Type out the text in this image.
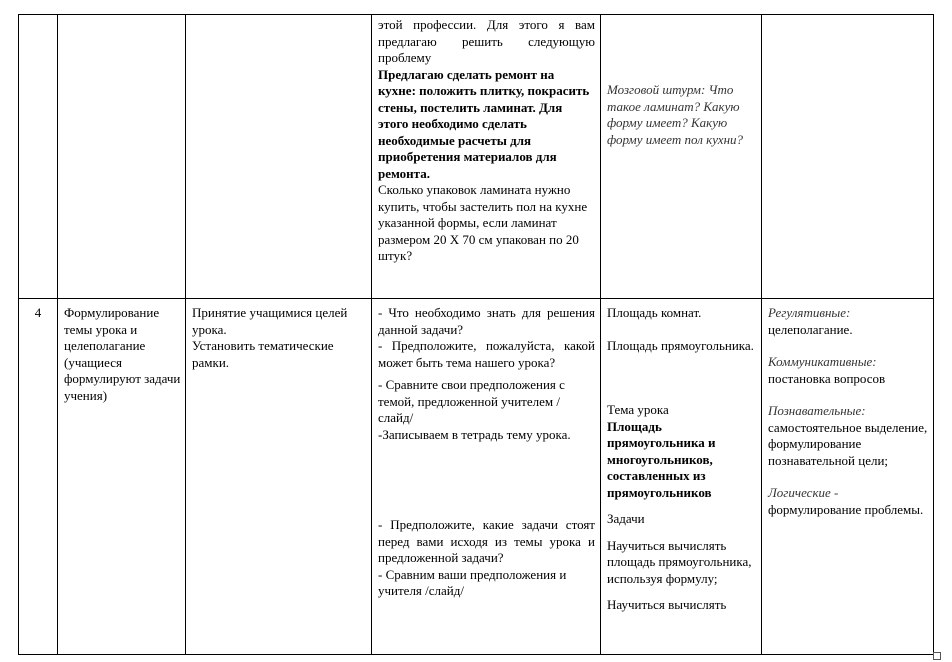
этой профессии. Для этого я вам предлагаю решить следующую проблему

Предлагаю сделать ремонт на кухне: положить плитку, покрасить стены, постелить ламинат. Для этого необходимо сделать необходимые расчеты для приобретения материалов для ремонта.

Сколько упаковок ламината нужно купить, чтобы застелить пол на кухне указанной формы, если ламинат размером 20 Х 70 см упакован по 20 штук?

Мозговой штурм: Что такое ламинат? Какую форму имеет? Какую форму имеет пол кухни?

4	Формулирование темы урока и целеполагание (учащиеся формулируют задачи учения)

Принятие учащимися целей урока.
Установить тематические рамки.

- Что необходимо знать для решения данной задачи?

- Предположите, пожалуйста, какой может быть тема нашего урока?

- Сравните свои предположения с темой, предложенной учителем /слайд/

-Записываем в тетрадь тему урока.

- Предположите, какие задачи стоят перед вами исходя из темы урока и предложенной задачи?

- Сравним ваши предположения и учителя /слайд/

Площадь комнат.

Площадь прямоугольника.

Тема урока

Площадь прямоугольника и многоугольников, составленных из прямоугольников

Задачи

Научиться вычислять площадь прямоугольника, используя формулу;

Научиться вычислять

Регулятивные:

целеполагание.

Коммуникативные:

постановка вопросов

Познавательные:

самостоятельное выделение, формулирование познавательной цели;

Логические -

формулирование проблемы.
